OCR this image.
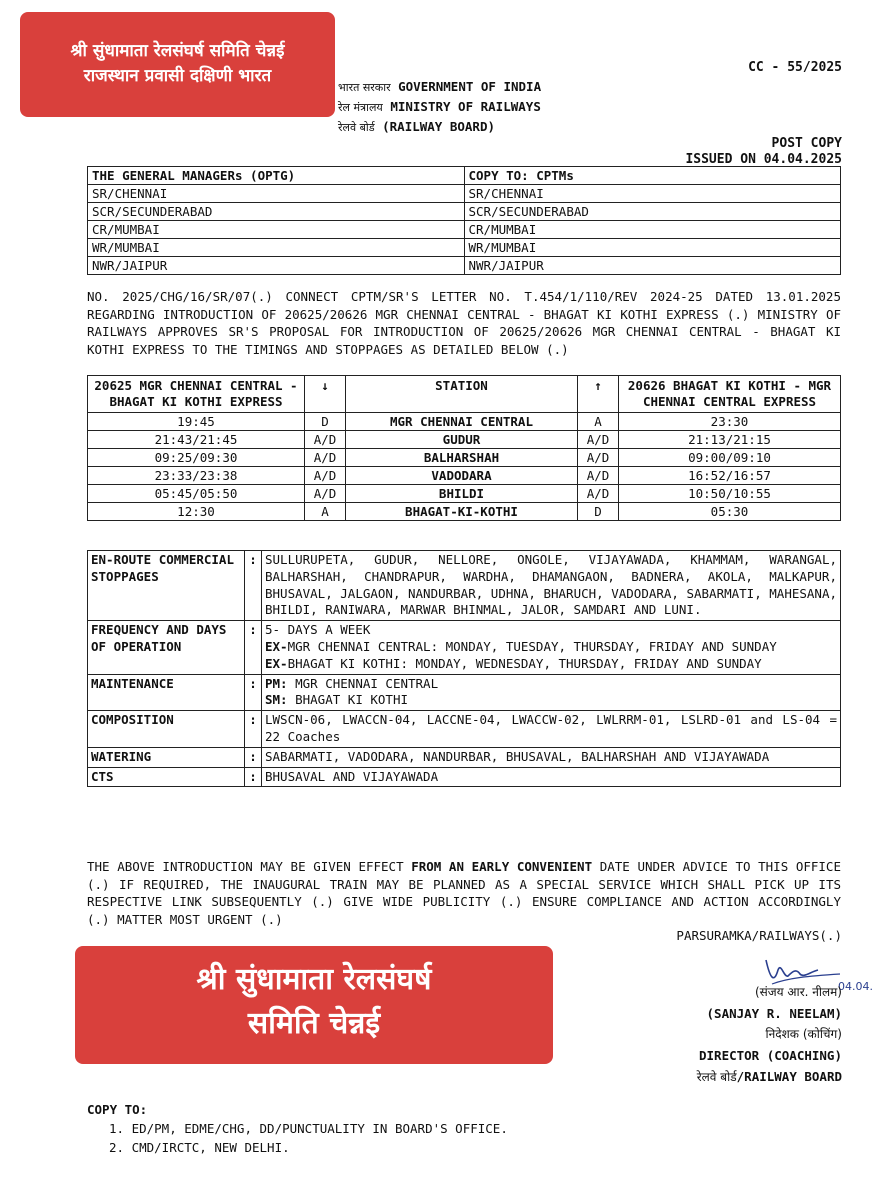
श्री सुंधामाता रेलसंघर्ष समिति चेन्नई
राजस्थान प्रवासी दक्षिणी भारत	CC - 55/2025
भारत सरकार GOVERNMENT OF INDIA
रेल मंत्रालय MINISTRY OF RAILWAYS
रेलवे बोर्ड (RAILWAY BOARD)
POST COPY
ISSUED ON 04.04.2025
THE GENERAL MANAGERs (OPTG)	COPY TO: CPTMs
SR/CHENNAI	SR/CHENNAI
SCR/SECUNDERABAD	SCR/SECUNDERABAD
CR/MUMBAI	CR/MUMBAI
WR/MUMBAI	WR/MUMBAI
NWR/JAIPUR	NWR/JAIPUR
NO. 2025/CHG/16/SR/07(.) CONNECT CPTM/SR'S LETTER NO. T.454/1/110/REV 2024-25 DATED 13.01.2025 REGARDING INTRODUCTION OF 20625/20626 MGR CHENNAI CENTRAL - BHAGAT KI KOTHI EXPRESS (.) MINISTRY OF RAILWAYS APPROVES SR'S PROPOSAL FOR INTRODUCTION OF 20625/20626 MGR CHENNAI CENTRAL - BHAGAT KI KOTHI EXPRESS TO THE TIMINGS AND STOPPAGES AS DETAILED BELOW (.)
20625 MGR CHENNAI CENTRAL - BHAGAT KI KOTHI EXPRESS	↓	STATION	↑	20626 BHAGAT KI KOTHI - MGR CHENNAI CENTRAL EXPRESS
19:45	D	MGR CHENNAI CENTRAL	A	23:30
21:43/21:45	A/D	GUDUR	A/D	21:13/21:15
09:25/09:30	A/D	BALHARSHAH	A/D	09:00/09:10
23:33/23:38	A/D	VADODARA	A/D	16:52/16:57
05:45/05:50	A/D	BHILDI	A/D	10:50/10:55
12:30	A	BHAGAT-KI-KOTHI	D	05:30
EN-ROUTE COMMERCIAL STOPPAGES	:	SULLURUPETA, GUDUR, NELLORE, ONGOLE, VIJAYAWADA, KHAMMAM, WARANGAL, BALHARSHAH, CHANDRAPUR, WARDHA, DHAMANGAON, BADNERA, AKOLA, MALKAPUR, BHUSAVAL, JALGAON, NANDURBAR, UDHNA, BHARUCH, VADODARA, SABARMATI, MAHESANA, BHILDI, RANIWARA, MARWAR BHINMAL, JALOR, SAMDARI AND LUNI.
FREQUENCY AND DAYS OF OPERATION	:	5- DAYS A WEEK
EX-MGR CHENNAI CENTRAL: MONDAY, TUESDAY, THURSDAY, FRIDAY AND SUNDAY
EX-BHAGAT KI KOTHI: MONDAY, WEDNESDAY, THURSDAY, FRIDAY AND SUNDAY

MAINTENANCE	:	PM: MGR CHENNAI CENTRAL
SM: BHAGAT KI KOTHI

COMPOSITION	:	LWSCN-06, LWACCN-04, LACCNE-04, LWACCW-02, LWLRRM-01, LSLRD-01 and LS-04 = 22 Coaches
WATERING	:	SABARMATI, VADODARA, NANDURBAR, BHUSAVAL, BALHARSHAH AND VIJAYAWADA
CTS	:	BHUSAVAL AND VIJAYAWADA
THE ABOVE INTRODUCTION MAY BE GIVEN EFFECT FROM AN EARLY CONVENIENT DATE UNDER ADVICE TO THIS OFFICE (.) IF REQUIRED, THE INAUGURAL TRAIN MAY BE PLANNED AS A SPECIAL SERVICE WHICH SHALL PICK UP ITS RESPECTIVE LINK SUBSEQUENTLY (.) GIVE WIDE PUBLICITY (.) ENSURE COMPLIANCE AND ACTION ACCORDINGLY (.) MATTER MOST URGENT (.)
PARSURAMKA/RAILWAYS(.)
04.04.
(संजय आर. नीलम)
(SANJAY R. NEELAM)
निदेशक (कोचिंग)
DIRECTOR (COACHING)
रेलवे बोर्ड/RAILWAY BOARD
श्री सुंधामाता रेलसंघर्ष
समिति चेन्नई
COPY TO:
1. ED/PM, EDME/CHG, DD/PUNCTUALITY IN BOARD'S OFFICE.
2. CMD/IRCTC, NEW DELHI.
